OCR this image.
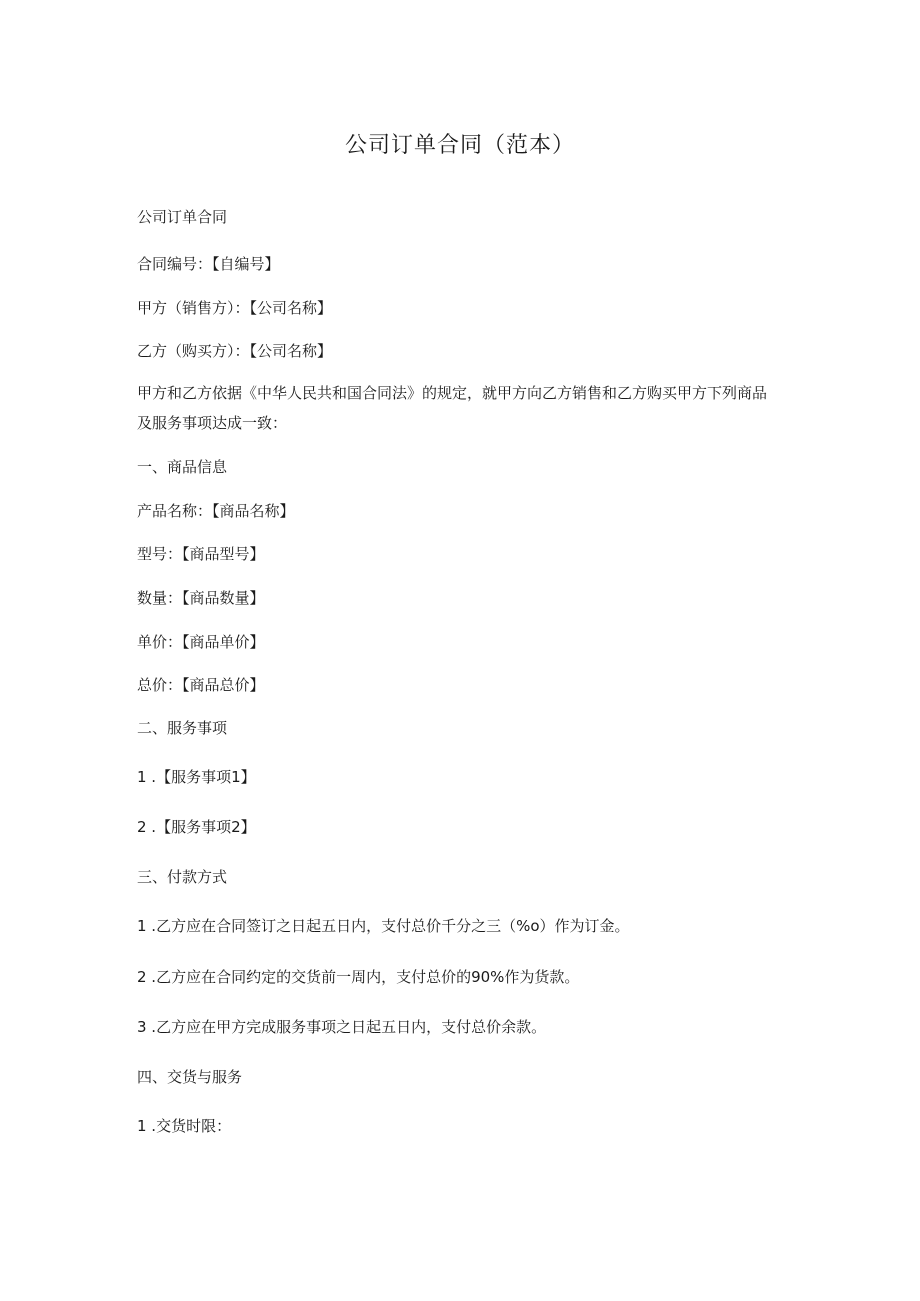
公司订单合同（范本）
公司订单合同
合同编号：【自编号】
甲方（销售方）：【公司名称】
乙方（购买方）：【公司名称】
甲方和乙方依据《中华人民共和国合同法》的规定，就甲方向乙方销售和乙方购买甲方下列商品及服务事项达成一致：
一、商品信息
产品名称：【商品名称】
型号：【商品型号】
数量：【商品数量】
单价：【商品单价】
总价：【商品总价】
二、服务事项
1 .【服务事项1】
2 .【服务事项2】
三、付款方式
1 .乙方应在合同签订之日起五日内，支付总价千分之三（%o）作为订金。
2 .乙方应在合同约定的交货前一周内，支付总价的90%作为货款。
3 .乙方应在甲方完成服务事项之日起五日内，支付总价余款。
四、交货与服务
1 .交货时限：
